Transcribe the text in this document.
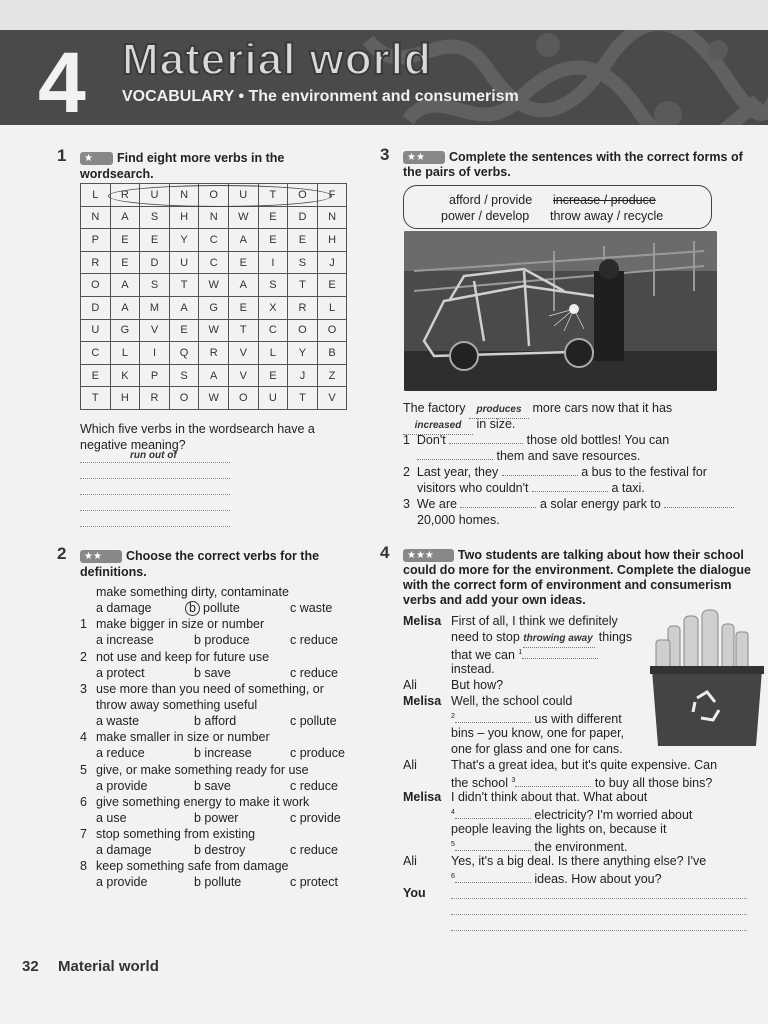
4 Material world
VOCABULARY • The environment and consumerism
1	★ Find eight more verbs in the
wordsearch.
L	R	U	N	O	U	T	O	F
N	A	S	H	N	W	E	D	N
P	E	E	Y	C	A	E	E	H
R	E	D	U	C	E	I	S	J
O	A	S	T	W	A	S	T	E
D	A	M	A	G	E	X	R	L
U	G	V	E	W	T	C	O	O
C	L	I	Q	R	V	L	Y	B
E	K	P	S	A	V	E	J	Z
T	H	R	O	W	O	U	T	V
Which five verbs in the wordsearch have a
negative meaning?
run out of
2	★★ Choose the correct verbs for the
definitions.
make something dirty, contaminate
a damage	b pollute	c waste
1 make bigger in size or number
a increase	b produce	c reduce
2 not use and keep for future use
a protect	b save	c reduce
3 use more than you need of something, or
throw away something useful
a waste	b afford	c pollute
4 make smaller in size or number
a reduce	b increase	c produce
5 give, or make something ready for use
a provide	b save	c reduce
6 give something energy to make it work
a use	b power	c provide
7 stop something from existing
a damage	b destroy	c reduce
8 keep something safe from damage
a provide	b pollute	c protect
3	★★ Complete the sentences with the correct forms of
the pairs of verbs.
afford / provide increase / produce
power / develop throw away / recycle
The factory produces more cars now that it has
increased in size.
1 Don't	those old bottles! You can
them and save resources.
2 Last year, they	a bus to the festival for
visitors who couldn't	a taxi.
3 We are	a solar energy park to
20,000 homes.
4	★★★ Two students are talking about how their school
could do more for the environment. Complete the dialogue
with the correct form of environment and consumerism
verbs and add your own ideas.
Melisa First of all, I think we definitely
need to stop throwing away things
that we can $^1$
instead.
Ali	But how?
Melisa Well, the school could
$^2$	us with different
bins – you know, one for paper,
one for glass and one for cans.
Ali	That's a great idea, but it's quite expensive. Can
the school $^3$	to buy all those bins?
Melisa I didn't think about that. What about
$^4$	electricity? I'm worried about
people leaving the lights on, because it
$^5$	the environment.
Ali	Yes, it's a big deal. Is there anything else? I've
$^6$	ideas. How about you?
You
32 Material world
